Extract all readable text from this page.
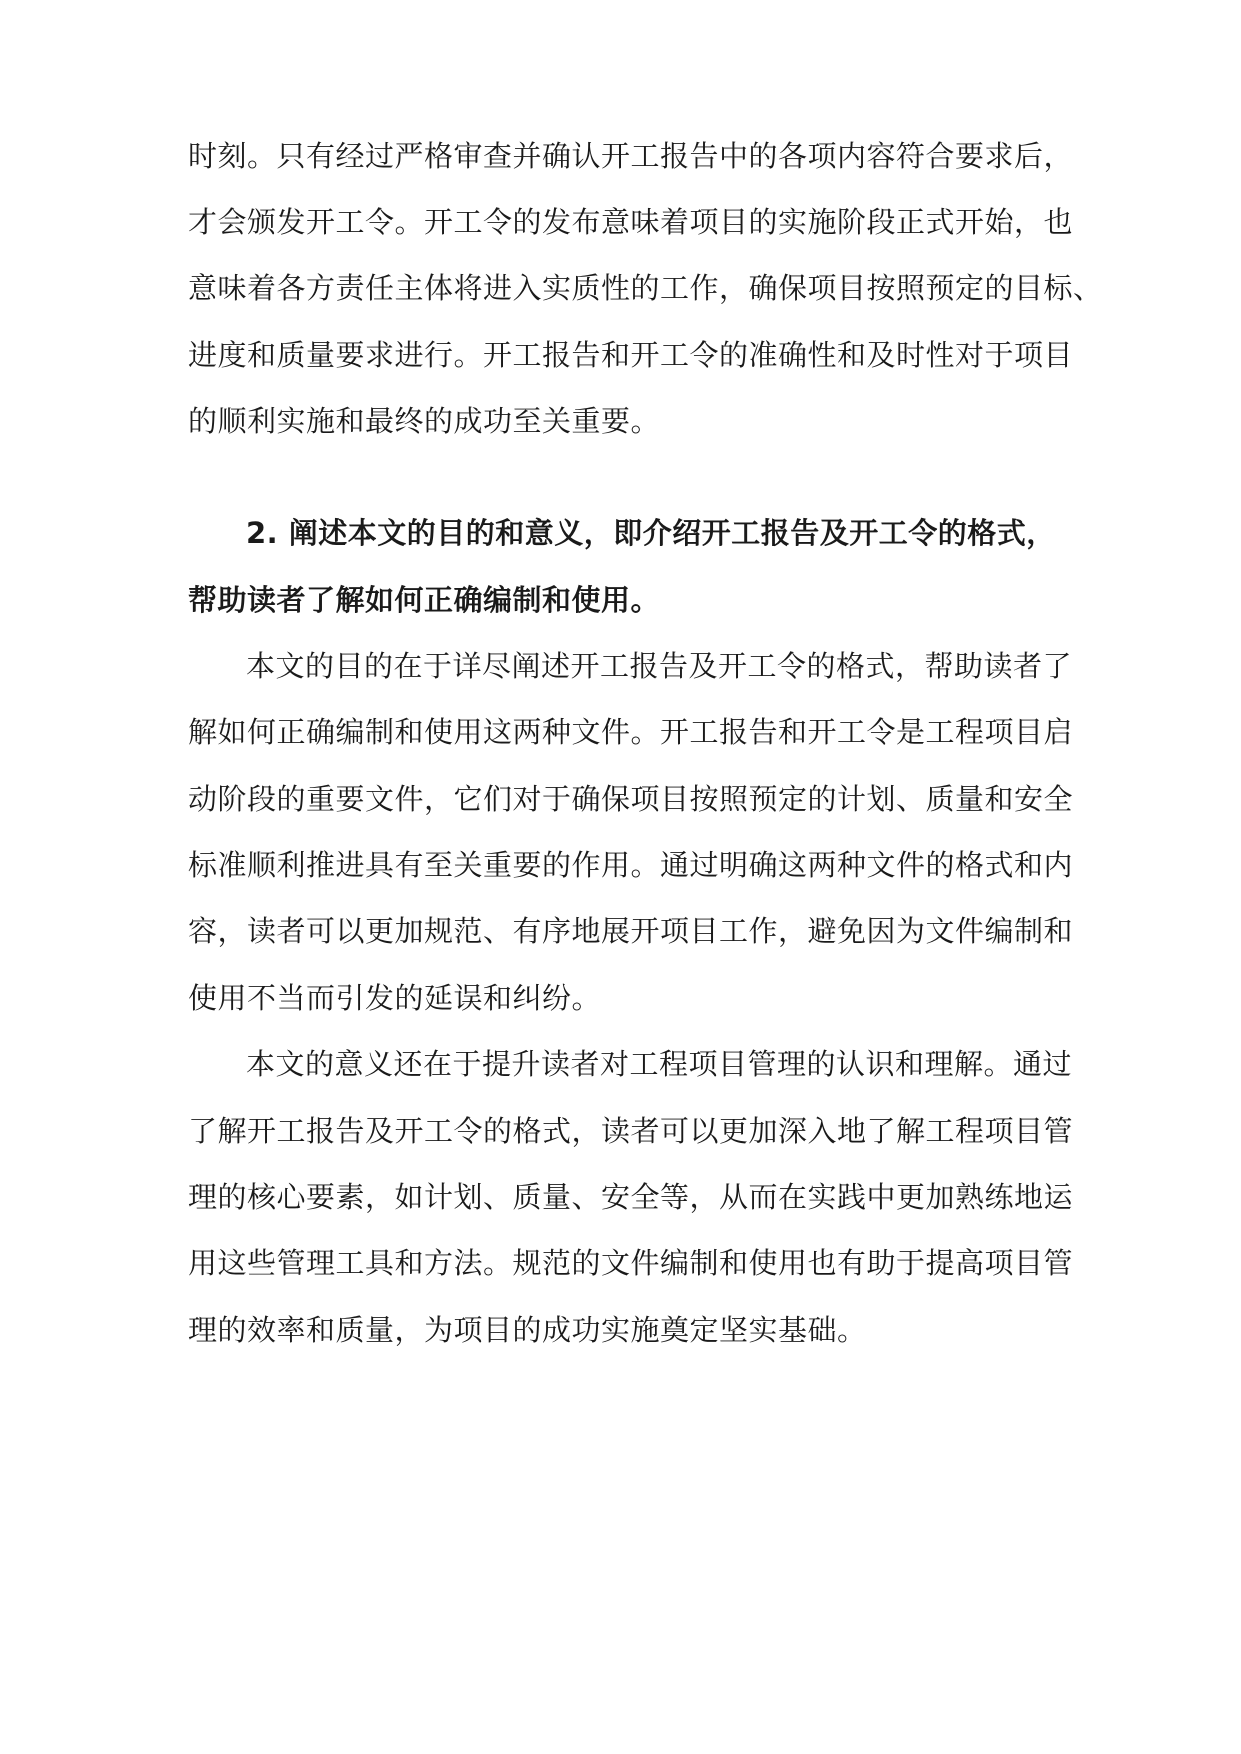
时刻。只有经过严格审查并确认开工报告中的各项内容符合要求后，
才会颁发开工令。开工令的发布意味着项目的实施阶段正式开始，也
意味着各方责任主体将进入实质性的工作，确保项目按照预定的目标、
进度和质量要求进行。开工报告和开工令的准确性和及时性对于项目
的顺利实施和最终的成功至关重要。
2. 阐述本文的目的和意义，即介绍开工报告及开工令的格式，
帮助读者了解如何正确编制和使用。
本文的目的在于详尽阐述开工报告及开工令的格式，帮助读者了
解如何正确编制和使用这两种文件。开工报告和开工令是工程项目启
动阶段的重要文件，它们对于确保项目按照预定的计划、质量和安全
标准顺利推进具有至关重要的作用。通过明确这两种文件的格式和内
容，读者可以更加规范、有序地展开项目工作，避免因为文件编制和
使用不当而引发的延误和纠纷。
本文的意义还在于提升读者对工程项目管理的认识和理解。通过
了解开工报告及开工令的格式，读者可以更加深入地了解工程项目管
理的核心要素，如计划、质量、安全等，从而在实践中更加熟练地运
用这些管理工具和方法。规范的文件编制和使用也有助于提高项目管
理的效率和质量，为项目的成功实施奠定坚实基础。
